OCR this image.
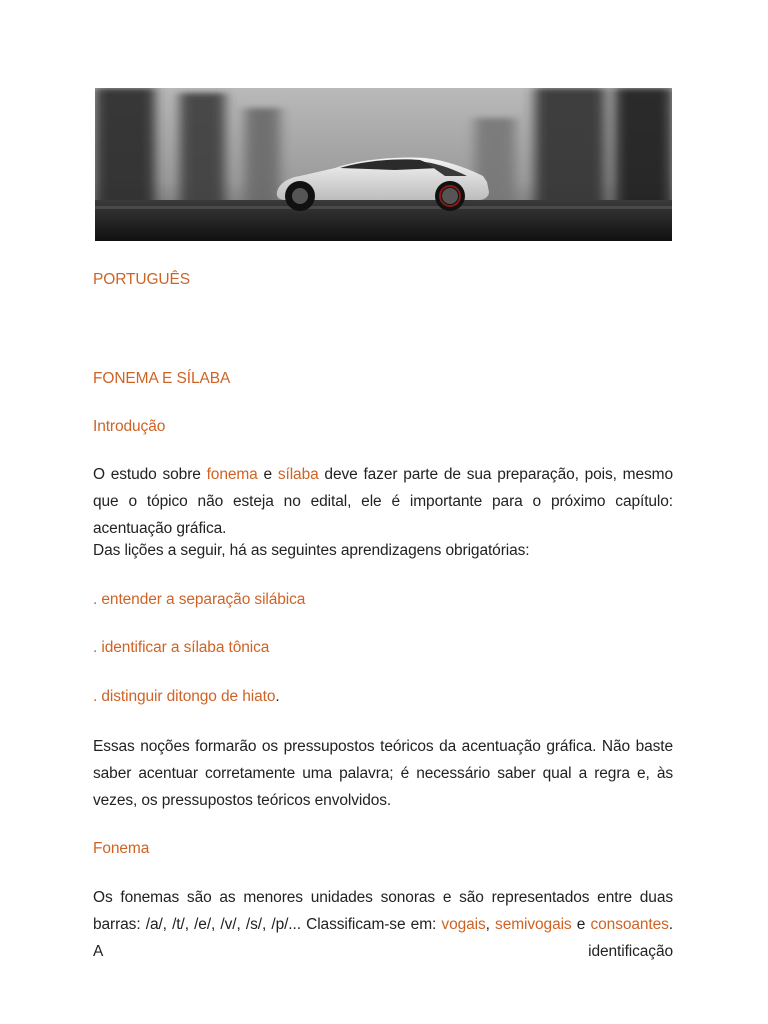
PORTUGUÊS
FONEMA E SÍLABA
Introdução
O estudo sobre fonema e sílaba deve fazer parte de sua preparação, pois, mesmo que o tópico não esteja no edital, ele é importante para o próximo capítulo: acentuação gráfica.
Das lições a seguir, há as seguintes aprendizagens obrigatórias:
. entender a separação silábica
. identificar a sílaba tônica
. distinguir ditongo de hiato.
Essas noções formarão os pressupostos teóricos da acentuação gráfica. Não baste saber acentuar corretamente uma palavra; é necessário saber qual a regra e, às vezes, os pressupostos teóricos envolvidos.
Fonema
Os fonemas são as menores unidades sonoras e são representados entre duas barras: /a/, /t/, /e/, /v/, /s/, /p/... Classificam-se em: vogais, semivogais e consoantes. A identificação
